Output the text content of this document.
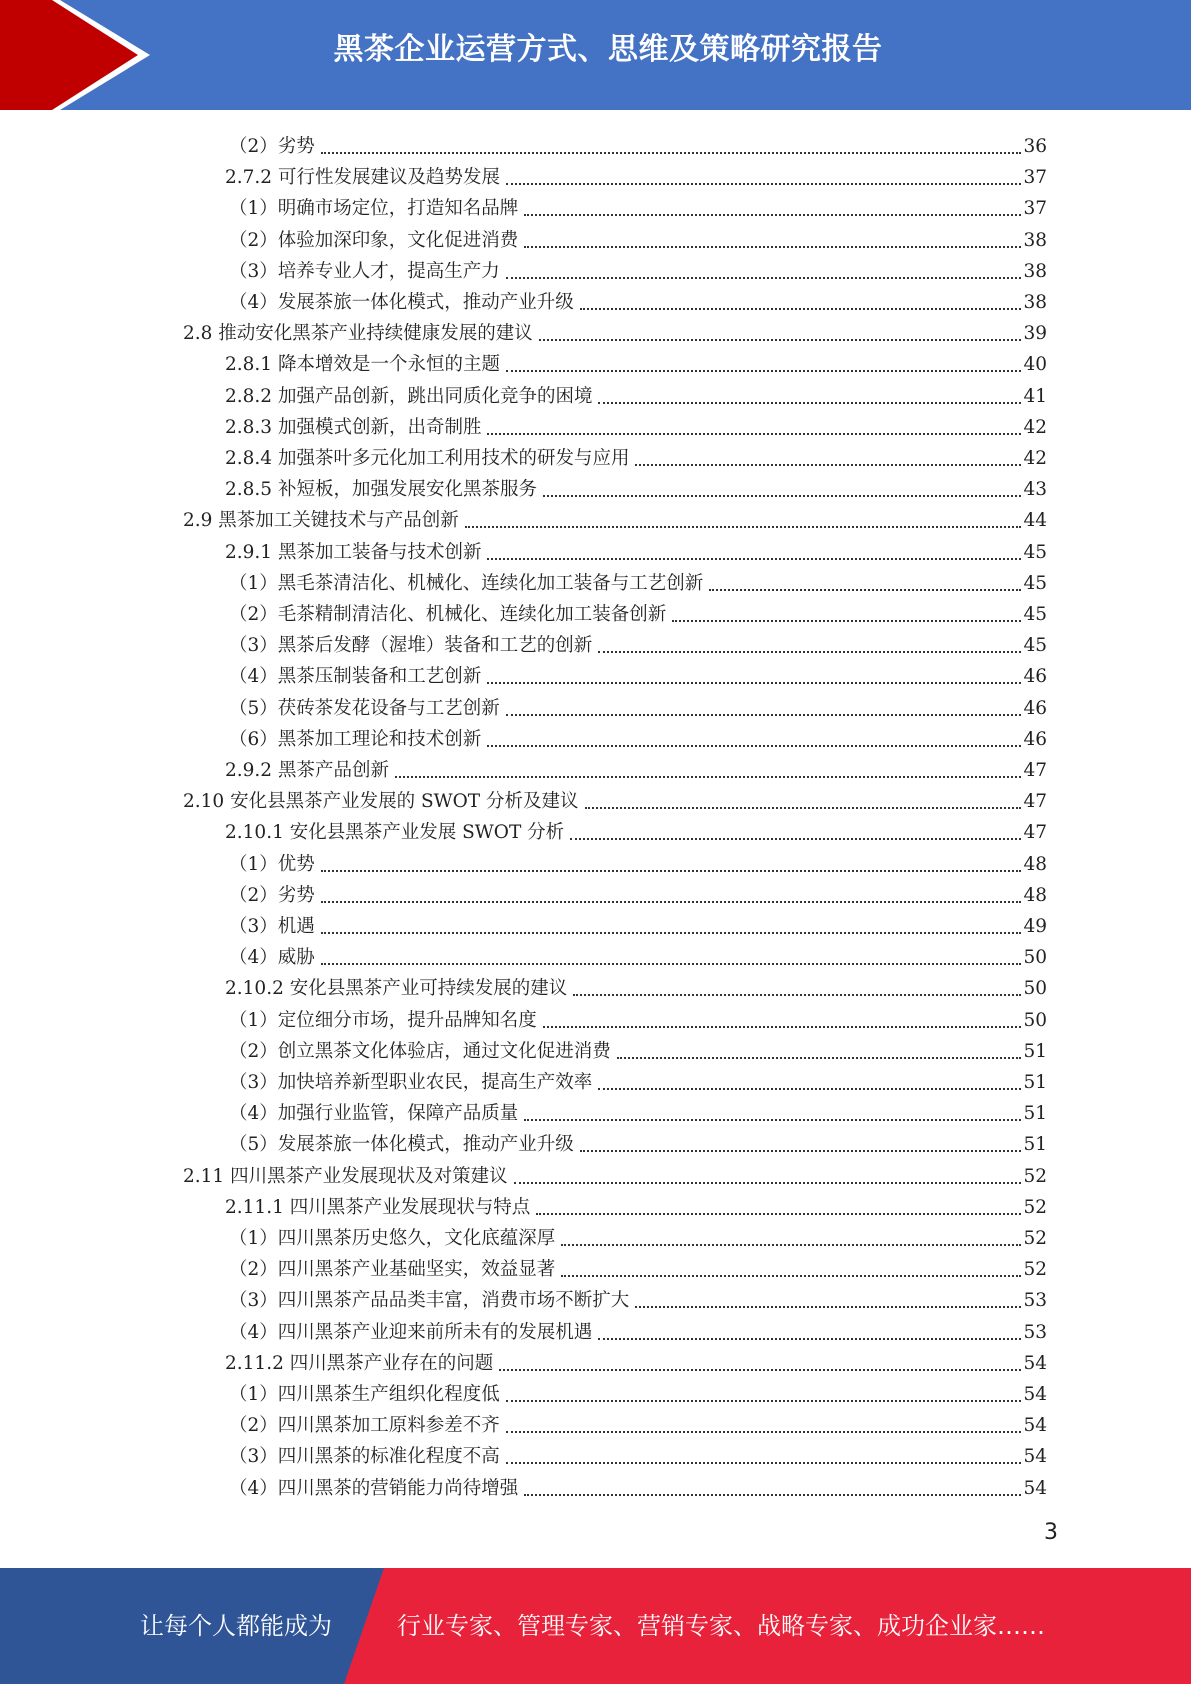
黑茶企业运营方式、思维及策略研究报告
（2）劣势	36
2.7.2 可行性发展建议及趋势发展	37
（1）明确市场定位，打造知名品牌	37
（2）体验加深印象，文化促进消费	38
（3）培养专业人才，提高生产力	38
（4）发展茶旅一体化模式，推动产业升级	38
2.8 推动安化黑茶产业持续健康发展的建议	39
2.8.1 降本增效是一个永恒的主题	40
2.8.2 加强产品创新，跳出同质化竞争的困境	41
2.8.3 加强模式创新，出奇制胜	42
2.8.4 加强茶叶多元化加工利用技术的研发与应用	42
2.8.5 补短板，加强发展安化黑茶服务	43
2.9 黑茶加工关键技术与产品创新	44
2.9.1 黑茶加工装备与技术创新	45
（1）黑毛茶清洁化、机械化、连续化加工装备与工艺创新	45
（2）毛茶精制清洁化、机械化、连续化加工装备创新	45
（3）黑茶后发酵（渥堆）装备和工艺的创新	45
（4）黑茶压制装备和工艺创新	46
（5）茯砖茶发花设备与工艺创新	46
（6）黑茶加工理论和技术创新	46
2.9.2 黑茶产品创新	47
2.10 安化县黑茶产业发展的 SWOT 分析及建议	47
2.10.1 安化县黑茶产业发展 SWOT 分析	47
（1）优势	48
（2）劣势	48
（3）机遇	49
（4）威胁	50
2.10.2 安化县黑茶产业可持续发展的建议	50
（1）定位细分市场，提升品牌知名度	50
（2）创立黑茶文化体验店，通过文化促进消费	51
（3）加快培养新型职业农民，提高生产效率	51
（4）加强行业监管，保障产品质量	51
（5）发展茶旅一体化模式，推动产业升级	51
2.11 四川黑茶产业发展现状及对策建议	52
2.11.1 四川黑茶产业发展现状与特点	52
（1）四川黑茶历史悠久，文化底蕴深厚	52
（2）四川黑茶产业基础坚实，效益显著	52
（3）四川黑茶产品品类丰富，消费市场不断扩大	53
（4）四川黑茶产业迎来前所未有的发展机遇	53
2.11.2 四川黑茶产业存在的问题	54
（1）四川黑茶生产组织化程度低	54
（2）四川黑茶加工原料参差不齐	54
（3）四川黑茶的标准化程度不高	54
（4）四川黑茶的营销能力尚待增强	54
3
让每个人都能成为	行业专家、管理专家、营销专家、战略专家、成功企业家……
